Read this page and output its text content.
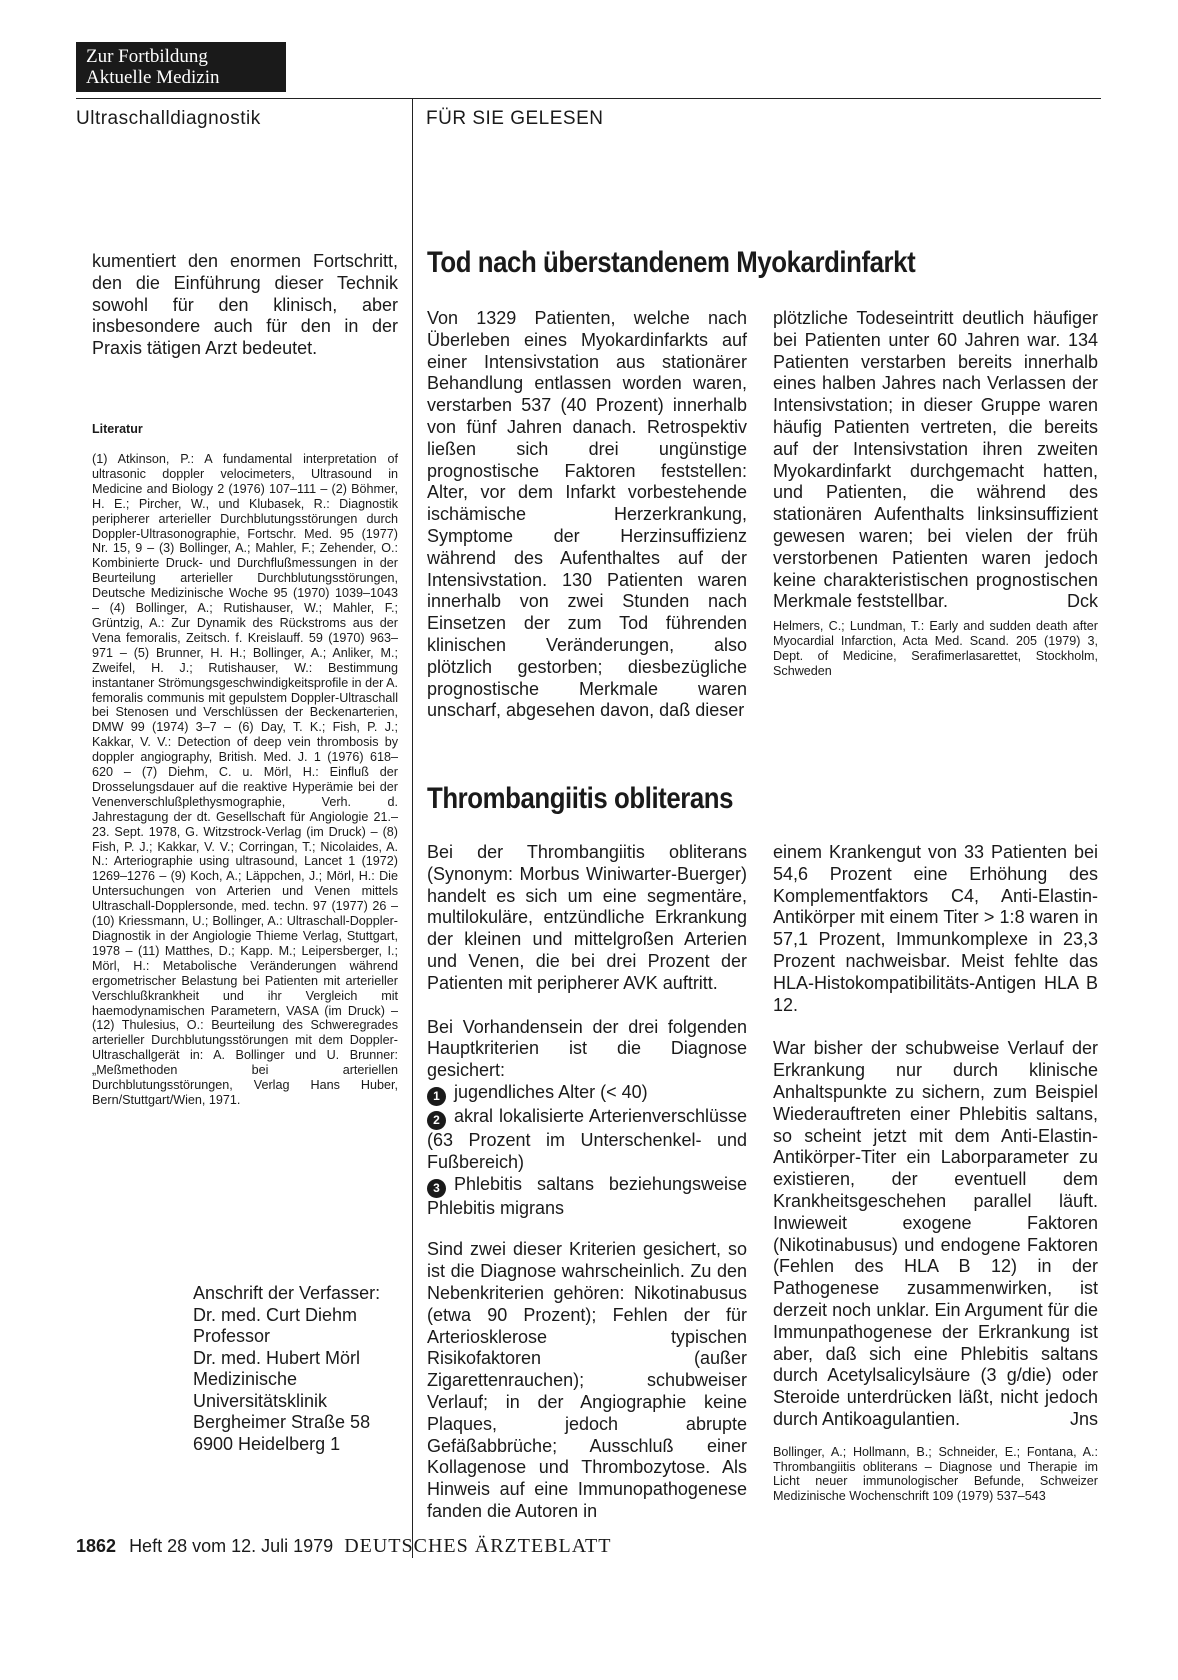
Zur Fortbildung
Aktuelle Medizin
Ultraschalldiagnostik	FÜR SIE GELESEN

kumentiert den enormen Fortschritt, den die Einführung dieser Technik sowohl für den klinisch, aber insbesondere auch für den in der Praxis tätigen Arzt bedeutet.

Literatur

(1) Atkinson, P.: A fundamental interpretation of ultrasonic doppler velocimeters, Ultrasound in Medicine and Biology 2 (1976) 107–111 – (2) Böhmer, H. E.; Pircher, W., und Klubasek, R.: Diagnostik peripherer arterieller Durchblutungsstörungen durch Doppler-Ultrasonographie, Fortschr. Med. 95 (1977) Nr. 15, 9 – (3) Bollinger, A.; Mahler, F.; Zehender, O.: Kombinierte Druck- und Durchflußmessungen in der Beurteilung arterieller Durchblutungsstörungen, Deutsche Medizinische Woche 95 (1970) 1039–1043 – (4) Bollinger, A.; Rutishauser, W.; Mahler, F.; Grüntzig, A.: Zur Dynamik des Rückstroms aus der Vena femoralis, Zeitsch. f. Kreislauff. 59 (1970) 963–971 – (5) Brunner, H. H.; Bollinger, A.; Anliker, M.; Zweifel, H. J.; Rutishauser, W.: Bestimmung instantaner Strömungsgeschwindigkeitsprofile in der A. femoralis communis mit gepulstem Doppler-Ultraschall bei Stenosen und Verschlüssen der Beckenarterien, DMW 99 (1974) 3–7 – (6) Day, T. K.; Fish, P. J.; Kakkar, V. V.: Detection of deep vein thrombosis by doppler angiography, British. Med. J. 1 (1976) 618–620 – (7) Diehm, C. u. Mörl, H.: Einfluß der Drosselungsdauer auf die reaktive Hyperämie bei der Venenverschlußplethysmographie, Verh. d. Jahrestagung der dt. Gesellschaft für Angiologie 21.–23. Sept. 1978, G. Witzstrock-Verlag (im Druck) – (8) Fish, P. J.; Kakkar, V. V.; Corringan, T.; Nicolaides, A. N.: Arteriographie using ultrasound, Lancet 1 (1972) 1269–1276 – (9) Koch, A.; Läppchen, J.; Mörl, H.: Die Untersuchungen von Arterien und Venen mittels Ultraschall-Dopplersonde, med. techn. 97 (1977) 26 – (10) Kriessmann, U.; Bollinger, A.: Ultraschall-Doppler-Diagnostik in der Angiologie Thieme Verlag, Stuttgart, 1978 – (11) Matthes, D.; Kapp. M.; Leipersberger, I.; Mörl, H.: Metabolische Veränderungen während ergometrischer Belastung bei Patienten mit arterieller Verschlußkrankheit und ihr Vergleich mit haemodynamischen Parametern, VASA (im Druck) – (12) Thulesius, O.: Beurteilung des Schweregrades arterieller Durchblutungsstörungen mit dem Doppler-Ultraschallgerät in: A. Bollinger und U. Brunner: „Meßmethoden bei arteriellen Durchblutungsstörungen, Verlag Hans Huber, Bern/Stuttgart/Wien, 1971.

Anschrift der Verfasser:
Dr. med. Curt Diehm
Professor
Dr. med. Hubert Mörl
Medizinische
Universitätsklinik
Bergheimer Straße 58
6900 Heidelberg 1
Tod nach überstandenem Myokardinfarkt

Von 1329 Patienten, welche nach Überleben eines Myokardinfarkts auf einer Intensivstation aus stationärer Behandlung entlassen worden waren, verstarben 537 (40 Prozent) innerhalb von fünf Jahren danach. Retrospektiv ließen sich drei ungünstige prognostische Faktoren feststellen: Alter, vor dem Infarkt vorbestehende ischämische Herzerkrankung, Symptome der Herzinsuffizienz während des Aufenthaltes auf der Intensivstation. 130 Patienten waren innerhalb von zwei Stunden nach Einsetzen der zum Tod führenden klinischen Veränderungen, also plötzlich gestorben; diesbezügliche prognostische Merkmale waren unscharf, abgesehen davon, daß dieser

plötzliche Todeseintritt deutlich häufiger bei Patienten unter 60 Jahren war. 134 Patienten verstarben bereits innerhalb eines halben Jahres nach Verlassen der Intensivstation; in dieser Gruppe waren häufig Patienten vertreten, die bereits auf der Intensivstation ihren zweiten Myokardinfarkt durchgemacht hatten, und Patienten, die während des stationären Aufenthalts linksinsuffizient gewesen waren; bei vielen der früh verstorbenen Patienten waren jedoch keine charakteristischen prognostischen Merkmale feststellbar.	Dck

Helmers, C.; Lundman, T.: Early and sudden death after Myocardial Infarction, Acta Med. Scand. 205 (1979) 3, Dept. of Medicine, Serafimerlasarettet, Stockholm, Schweden

Thrombangiitis obliterans

Bei der Thrombangiitis obliterans (Synonym: Morbus Winiwarter-Buerger) handelt es sich um eine segmentäre, multilokuläre, entzündliche Erkrankung der kleinen und mittelgroßen Arterien und Venen, die bei drei Prozent der Patienten mit peripherer AVK auftritt.

Bei Vorhandensein der drei folgenden Hauptkriterien ist die Diagnose gesichert:

1 jugendliches Alter (< 40)

2 akral lokalisierte Arterienverschlüsse (63 Prozent im Unterschenkel- und Fußbereich)

3 Phlebitis saltans beziehungsweise Phlebitis migrans

Sind zwei dieser Kriterien gesichert, so ist die Diagnose wahrscheinlich. Zu den Nebenkriterien gehören: Nikotinabusus (etwa 90 Prozent); Fehlen der für Arteriosklerose typischen Risikofaktoren (außer Zigarettenrauchen); schubweiser Verlauf; in der Angiographie keine Plaques, jedoch abrupte Gefäßabbrüche; Ausschluß einer Kollagenose und Thrombozytose. Als Hinweis auf eine Immunopathogenese fanden die Autoren in

einem Krankengut von 33 Patienten bei 54,6 Prozent eine Erhöhung des Komplementfaktors C4, Anti-Elastin-Antikörper mit einem Titer > 1:8 waren in 57,1 Prozent, Immunkomplexe in 23,3 Prozent nachweisbar. Meist fehlte das HLA-Histokompatibilitäts-Antigen HLA B 12.

War bisher der schubweise Verlauf der Erkrankung nur durch klinische Anhaltspunkte zu sichern, zum Beispiel Wiederauftreten einer Phlebitis saltans, so scheint jetzt mit dem Anti-Elastin-Antikörper-Titer ein Laborparameter zu existieren, der eventuell dem Krankheitsgeschehen parallel läuft. Inwieweit exogene Faktoren (Nikotinabusus) und endogene Faktoren (Fehlen des HLA B 12) in der Pathogenese zusammenwirken, ist derzeit noch unklar. Ein Argument für die Immunpathogenese der Erkrankung ist aber, daß sich eine Phlebitis saltans durch Acetylsalicylsäure (3 g/die) oder Steroide unterdrücken läßt, nicht jedoch durch Antikoagulantien.	Jns

Bollinger, A.; Hollmann, B.; Schneider, E.; Fontana, A.: Thrombangiitis obliterans – Diagnose und Therapie im Licht neuer immunologischer Befunde, Schweizer Medizinische Wochenschrift 109 (1979) 537–543

1862 Heft 28 vom 12. Juli 1979 DEUTSCHES ÄRZTEBLATT
